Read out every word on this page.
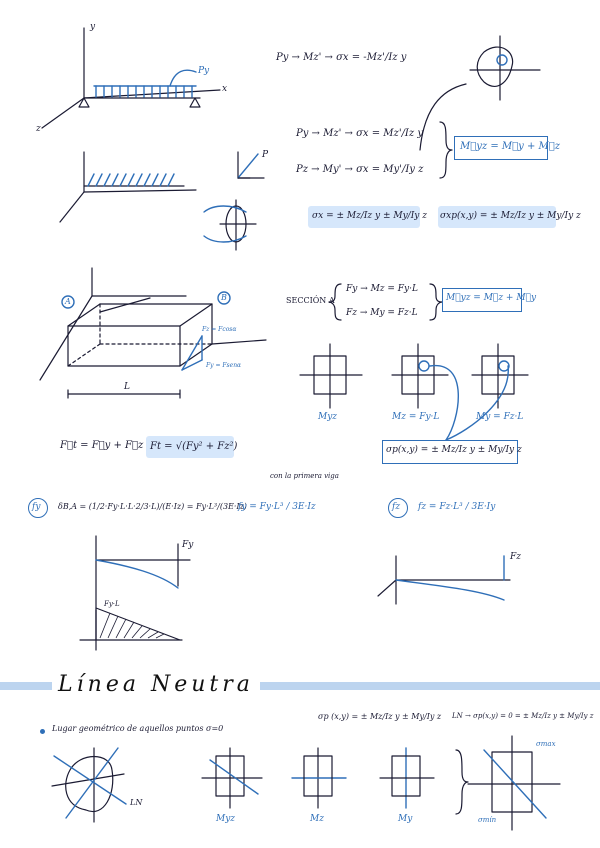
Py → Mz' → σx = -Mz'/Iz y
Py → Mz' → σx = Mz'/Iz y
Pz → My' → σx = My'/Iy z
M⃗yz = M⃗y + M⃗z
σx = ± Mz/Iz y ± My/Iy z σxp(x,y) = ± Mz/Iz y ± My/Iy z
SECCIÓN A
Fy → Mz = Fy·L
Fz → My = Fz·L
M⃗yz = M⃗z + M⃗y
Mz = Fy·L	My = Fz·L
Myz
F⃗t = F⃗y + F⃗z Ft = √(Fy² + Fz²)	σp(x,y) = ± Mz/Iz y ± My/Iy z
con la primera viga
fy δB,A = (1/2·Fy·L·L·2/3·L)/(E·Iz) = Fy·L³/(3E·Iz)
fy = Fy·L³ / 3E·Iz	fz fz = Fz·L³ / 3E·Iy
Fy·L
Línea Neutra
Lugar geométrico de aquellos puntos σ=0
σp (x,y) = ± Mz/Iz y ± My/Iy z LN → σp(x,y) = 0 = ± Mz/Iz y ± My/Iy z
Myz	Mz	My
σmax
σmín
y
x
z
Py
P
Fy
Fz
L
A	B
Fz = Fcosα
Fy = Fsenα
LN
